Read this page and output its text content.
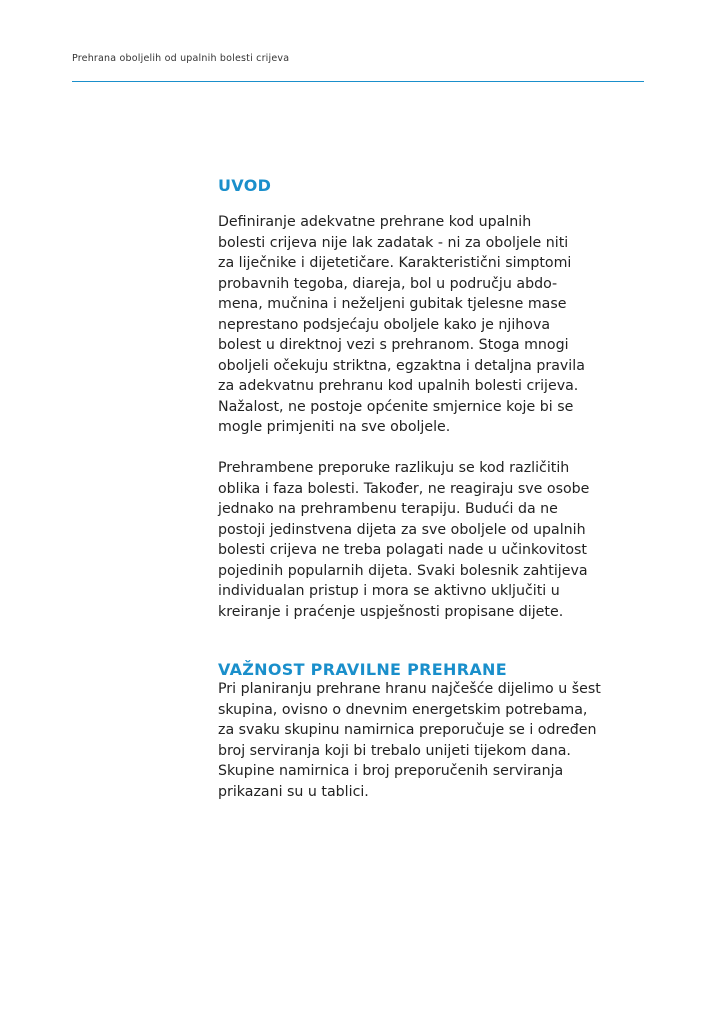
Prehrana oboljelih od upalnih bolesti crijeva
UVOD

Definiranje adekvatne prehrane kod upalnih
bolesti crijeva nije lak zadatak - ni za oboljele niti
za liječnike i dijetetičare. Karakteristični simptomi
probavnih tegoba, diareja, bol u području abdo-
mena, mučnina i neželjeni gubitak tjelesne mase
neprestano podsjećaju oboljele kako je njihova
bolest u direktnoj vezi s prehranom. Stoga mnogi
oboljeli očekuju striktna, egzaktna i detaljna pravila
za adekvatnu prehranu kod upalnih bolesti crijeva.
Nažalost, ne postoje općenite smjernice koje bi se
mogle primjeniti na sve oboljele.

Prehrambene preporuke razlikuju se kod različitih
oblika i faza bolesti. Također, ne reagiraju sve osobe
jednako na prehrambenu terapiju. Budući da ne
postoji jedinstvena dijeta za sve oboljele od upalnih
bolesti crijeva ne treba polagati nade u učinkovitost
pojedinih popularnih dijeta. Svaki bolesnik zahtijeva
individualan pristup i mora se aktivno uključiti u
kreiranje i praćenje uspješnosti propisane dijete.

VAŽNOST PRAVILNE PREHRANE

Pri planiranju prehrane hranu najčešće dijelimo u šest
skupina, ovisno o dnevnim energetskim potrebama,
za svaku skupinu namirnica preporučuje se i određen
broj serviranja koji bi trebalo unijeti tijekom dana.
Skupine namirnica i broj preporučenih serviranja
prikazani su u tablici.
